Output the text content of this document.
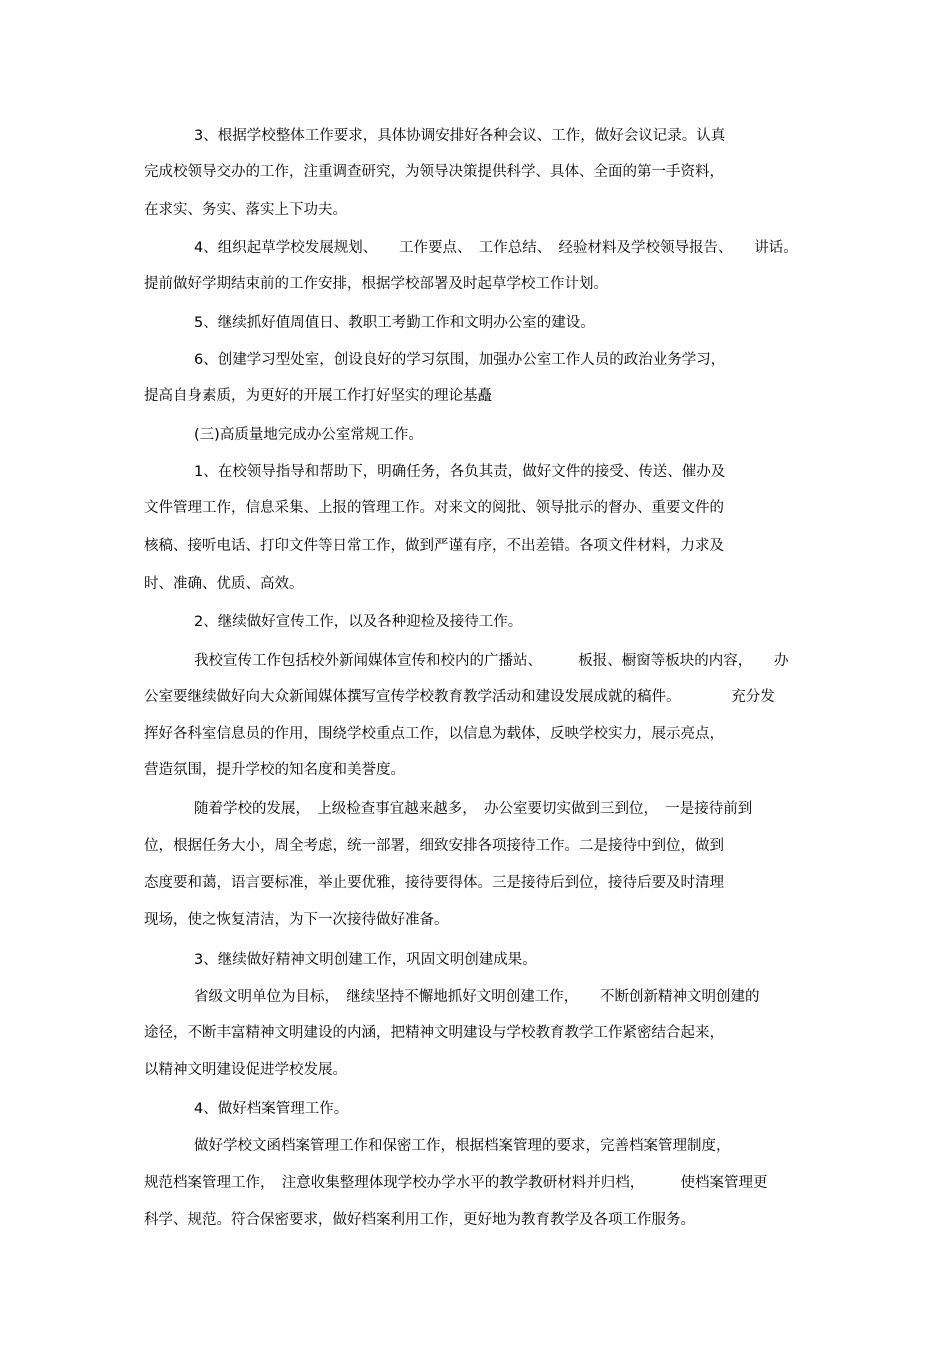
3、根据学校整体工作要求，具体协调安排好各种会议、工作，做好会议记录。认真
完成校领导交办的工作，注重调查研究，为领导决策提供科学、具体、全面的第一手资料，
在求实、务实、落实上下功夫。
4、组织起草学校发展规划、　　工作要点、　工作总结、　经验材料及学校领导报告、　　讲话。
提前做好学期结束前的工作安排，根据学校部署及时起草学校工作计划。
5、继续抓好值周值日、教职工考勤工作和文明办公室的建设。
6、创建学习型处室，创设良好的学习氛围，加强办公室工作人员的政治业务学习，
提高自身素质，为更好的开展工作打好坚实的理论基矗
(三)高质量地完成办公室常规工作。
1、在校领导指导和帮助下，明确任务，各负其责，做好文件的接受、传送、催办及
文件管理工作，信息采集、上报的管理工作。对来文的阅批、领导批示的督办、重要文件的
核稿、接听电话、打印文件等日常工作，做到严谨有序，不出差错。各项文件材料，力求及
时、准确、优质、高效。
2、继续做好宣传工作，以及各种迎检及接待工作。
我校宣传工作包括校外新闻媒体宣传和校内的广播站、　　　板报、橱窗等板块的内容，　　办
公室要继续做好向大众新闻媒体撰写宣传学校教育教学活动和建设发展成就的稿件。　　　　充分发
挥好各科室信息员的作用，围绕学校重点工作，以信息为载体，反映学校实力，展示亮点，
营造氛围，提升学校的知名度和美誉度。
随着学校的发展，　上级检查事宜越来越多，　办公室要切实做到三到位，　一是接待前到
位，根据任务大小，周全考虑，统一部署，细致安排各项接待工作。二是接待中到位，做到
态度要和蔼，语言要标准，举止要优雅，接待要得体。三是接待后到位，接待后要及时清理
现场，使之恢复清洁，为下一次接待做好准备。
3、继续做好精神文明创建工作，巩固文明创建成果。
省级文明单位为目标，　继续坚持不懈地抓好文明创建工作，　　不断创新精神文明创建的
途径，不断丰富精神文明建设的内涵，把精神文明建设与学校教育教学工作紧密结合起来，
以精神文明建设促进学校发展。
4、做好档案管理工作。
做好学校文函档案管理工作和保密工作，根据档案管理的要求，完善档案管理制度，
规范档案管理工作，　注意收集整理体现学校办学水平的教学教研材料并归档，　　　使档案管理更
科学、规范。符合保密要求，做好档案利用工作，更好地为教育教学及各项工作服务。
